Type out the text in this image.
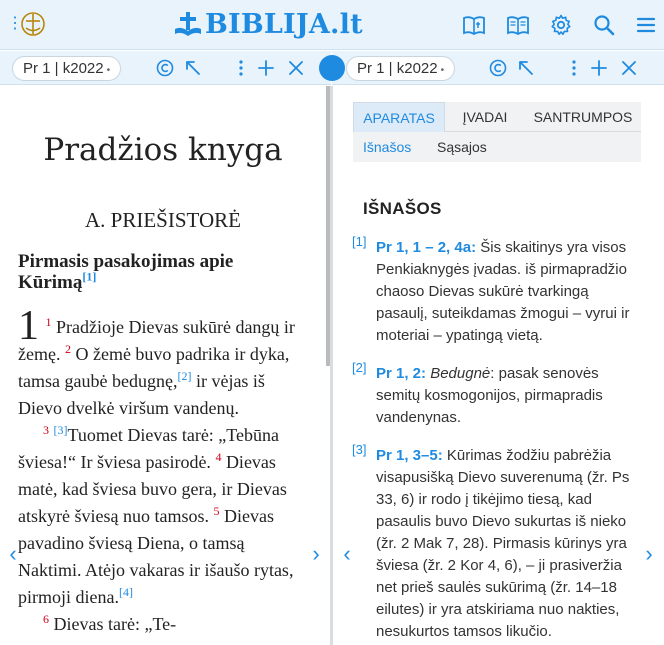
⋮	BIBLIJA.lt
Pr 1 | k2022 •	Pr 1 | k2022 •
Pradžios knyga
A. PRIEŠISTORĖ
Pirmasis pasakojimas apie Kūrimą[1]
1 $^1$ Pradžioje Dievas sukūrė dangų ir žemę. $^2$ O žemė buvo padrika ir dyka, tamsa gaubė bedugnę,[2] ir vėjas iš Dievo dvelkė viršum vandenų.
$^3$ [3]Tuomet Dievas tarė: „Tebūna šviesa!“ Ir šviesa pasirodė. $^4$ Dievas matė, kad šviesa buvo gera, ir Dievas atskyrė šviesą nuo tamsos. $^5$ Dievas pavadino šviesą Diena, o tamsą Naktimi. Atėjo vakaras ir išaušo rytas, pirmoji diena.[4]
$^6$ Dievas tarė: „Te-
‹	›
APARATAS	ĮVADAI	SANTRUMPOS
Išnašos Sąsajos
IŠNAŠOS
[1] Pr 1, 1 – 2, 4a: Šis skaitinys yra visos Penkiaknygės įvadas. iš pirmapradžio chaoso Dievas sukūrė tvarkingą pasaulį, suteikdamas žmogui – vyrui ir moteriai – ypatingą vietą.
[2] Pr 1, 2: Bedugnė: pasak senovės semitų kosmogonijos, pirmapradis vandenynas.
[3] Pr 1, 3–5: Kūrimas žodžiu pabrėžia visapusišką Dievo suverenumą (žr. Ps 33, 6) ir rodo į tikėjimo tiesą, kad pasaulis buvo Dievo sukurtas iš nieko (žr. 2 Mak 7, 28). Pirmasis kūrinys yra šviesa (žr. 2 Kor 4, 6), – ji prasiveržia net prieš saulės sukūrimą (žr. 14–18 eilutes) ir yra atskiriama nuo nakties, nesukurtos tamsos likučio.
‹	›
